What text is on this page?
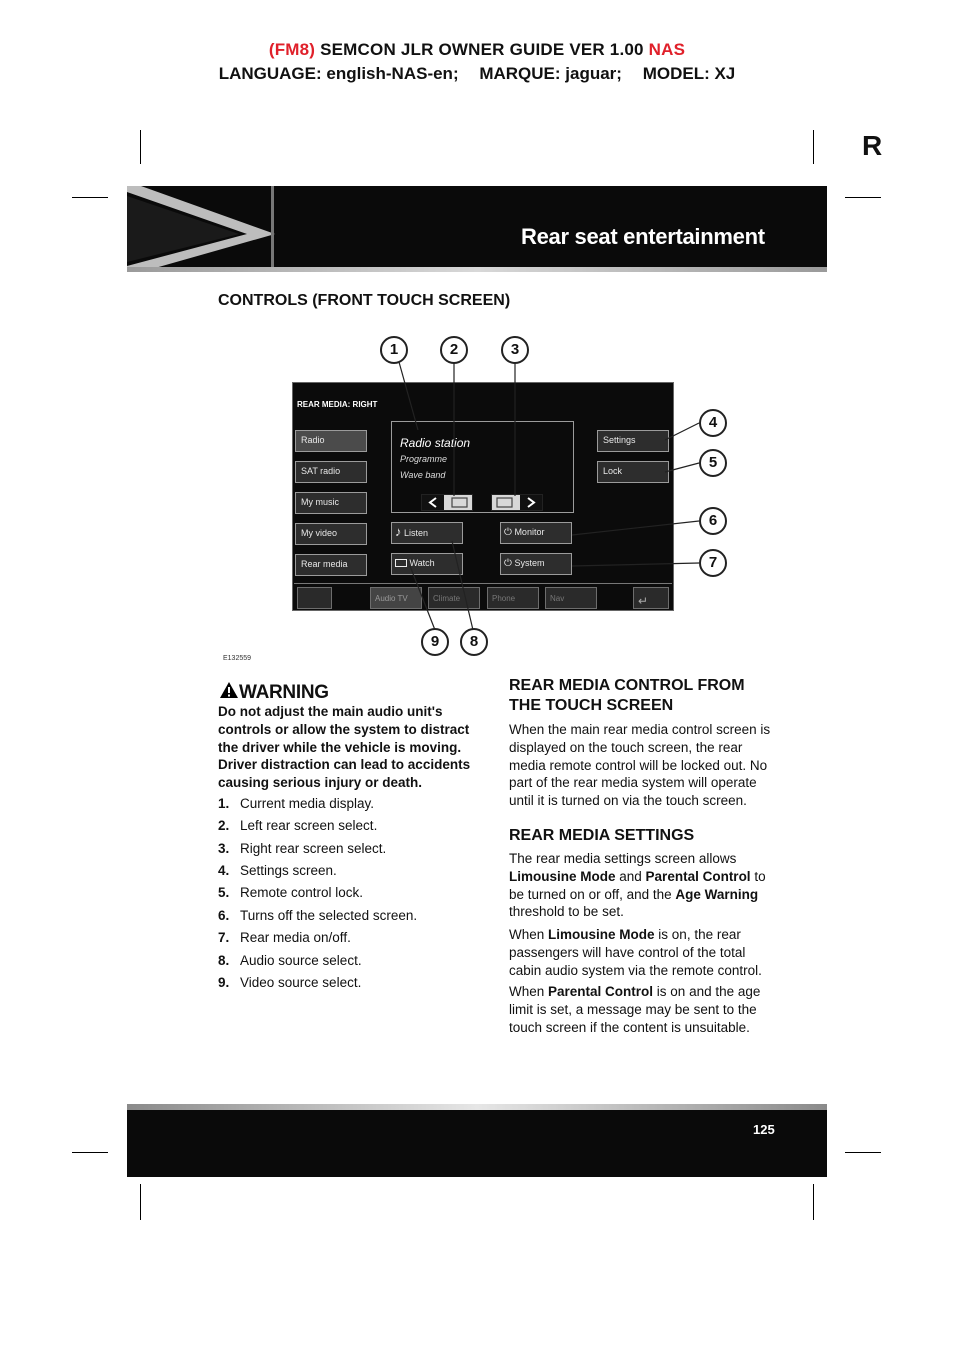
(FM8) SEMCON JLR OWNER GUIDE VER 1.00 NAS
LANGUAGE: english-NAS-en; MARQUE: jaguar; MODEL: XJ
R
Rear seat entertainment
CONTROLS (FRONT TOUCH SCREEN)
REAR MEDIA: RIGHT
Radio
SAT radio
My music
My video
Rear media
Radio station
Programme
Wave band
Settings
Lock
♪ Listen
Watch
⏻ Monitor
⏻ System
Audio TV	Climate	Phone	Nav	↵
1	2	3
4
5
6
7
8
9
E132559
WARNING
Do not adjust the main audio unit's controls or allow the system to distract the driver while the vehicle is moving. Driver distraction can lead to accidents causing serious injury or death.
1. Current media display.
2. Left rear screen select.
3. Right rear screen select.
4. Settings screen.
5. Remote control lock.
6. Turns off the selected screen.
7. Rear media on/off.
8. Audio source select.
9. Video source select.
REAR MEDIA CONTROL FROM THE TOUCH SCREEN
When the main rear media control screen is displayed on the touch screen, the rear media remote control will be locked out. No part of the rear media system will operate until it is turned on via the touch screen.
REAR MEDIA SETTINGS
The rear media settings screen allows Limousine Mode and Parental Control to be turned on or off, and the Age Warning threshold to be set.
When Limousine Mode is on, the rear passengers will have control of the total cabin audio system via the remote control.
When Parental Control is on and the age limit is set, a message may be sent to the touch screen if the content is unsuitable.
125
